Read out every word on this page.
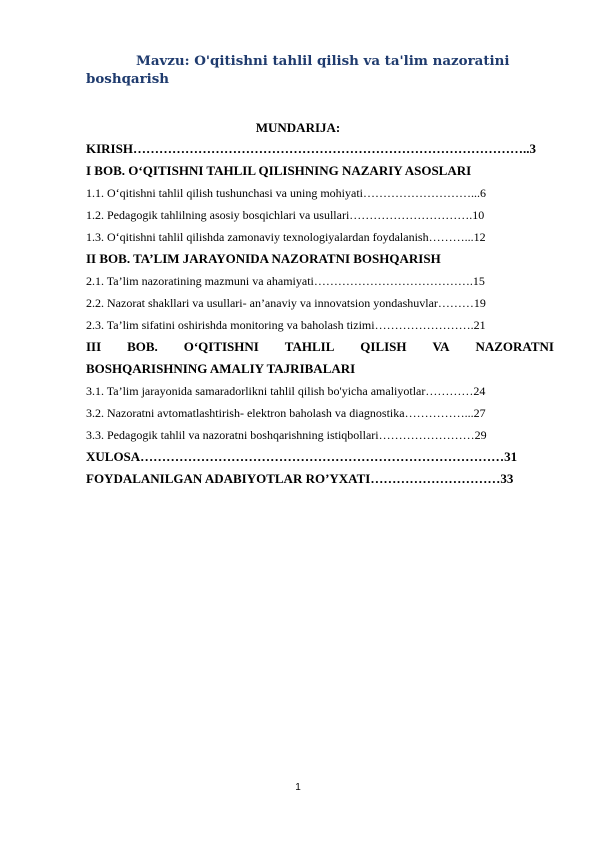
Mavzu: O'qitishni tahlil qilish va ta'lim nazoratini
boshqarish
MUNDARIJA:
KIRISH………………………………………………………………………………..3
I BOB. O‘QITISHNI TAHLIL QILISHNING NAZARIY ASOSLARI
1.1. O‘qitishni tahlil qilish tushunchasi va uning mohiyati………………………...6
1.2. Pedagogik tahlilning asosiy bosqichlari va usullari………………………….10
1.3. O‘qitishni tahlil qilishda zamonaviy texnologiyalardan foydalanish………...12
II BOB. TA’LIM JARAYONIDA NAZORATNI BOSHQARISH
2.1. Ta’lim nazoratining mazmuni va ahamiyati………………………………….15
2.2. Nazorat shakllari va usullari- an’anaviy va innovatsion yondashuvlar………19
2.3. Ta’lim sifatini oshirishda monitoring va baholash tizimi…………………….21
III BOB. O‘QITISHNI TAHLIL QILISH VA NAZORATNI
BOSHQARISHNING AMALIY TAJRIBALARI
3.1. Ta’lim jarayonida samaradorlikni tahlil qilish bo'yicha amaliyotlar…………24
3.2. Nazoratni avtomatlashtirish- elektron baholash va diagnostika……………...27
3.3. Pedagogik tahlil va nazoratni boshqarishning istiqbollari……………………29
XULOSA…………………………………………………………………………31
FOYDALANILGAN ADABIYOTLAR RO’YXATI…………………………33
1
